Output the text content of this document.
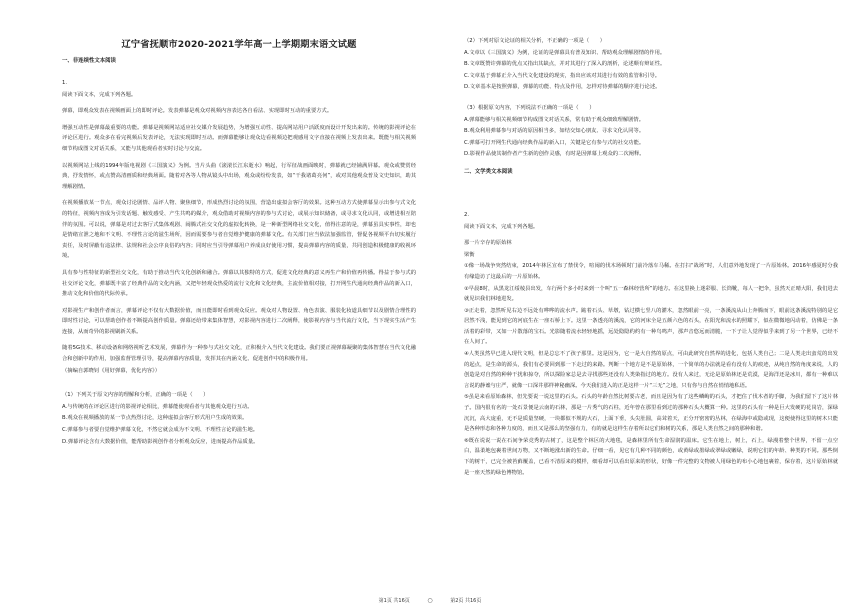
辽宁省抚顺市2020-2021学年高一上学期期末语文试题
一、非连续性文本阅读
1.
阅读下面文本，完成下列各题。

弹幕，即观众发表在视频画面上的即时评论。发表弹幕是观众对视频内容表达各自看法、实现即时互动的重要方式。

增强互动性是弹幕最重要的功能。弹幕是视频网站适应社交媒介发展趋势，为增强互动性、提高网站用户活跃度而设计开发出来的。传统的影视评论在评论区进行。观众多在看完视频后发表评论，无法实现即时互动。而弹幕能够让观众边看视频边把观感用文字直接在视频上发表出来。既能与相关视频细节构成图文对话关系，又能与其他观看者实时讨论与交流。

以视频网站上线的1994年版电视剧《三国演义》为例。当片头曲《滚滚长江东逝水》响起，行军征战画面映时，弹幕就已经铺满屏幕。观众或赞赏经典，抒发情怀，或点赞高清画质和经典场面。随着对各等人物从镜头中出场，观众或纷纷发表，如“干我诸葛亮何”，或对其他观众普及文史知识，助其理解剧情。

在视频播放某一节点，观众讨论剧情、品评人物、聚焦细节，形成热烈讨论的氛围，营造出虚拟会客厅的效果。这种互动方式使弹幕显示出参与式文化的特征，视频内容成为引发话题、触发感受、产生共鸣的媒介，观众借助对视频内容的参与式讨论，或展示知识储备，或寻求文化认同，或增进相互陪伴的氛围。可以说，弹幕是对过去客厅式集体观剧、闹腾式社交文化的虚拟化转换，是一种新型网络社交文化，值得注意的是，弹幕虽具实事性，却也是情绪宣泄之地和不文明、不理性言论的滋生场所，因而需要参与者自觉维护健康的弹幕文化。有关部门应当依法加强监管，督促各视频平台切实履行责任，及时屏蔽有违法律、法规和社会公序良俗的内容；同时应当引导弹幕用户养成良好使用习惯，提高弹幕内容的质量，共同创造积极健康的收视环境。

具有参与性特征的新型社交文化，有助于推动当代文化创新和融合。弹幕以其独特的方式，促进文化经典的意义再生产和价值再传播。得益于参与式的社交评论文化，弹幕既丰富了经典作品的文化内涵，又把年轻观众热爱的流行文化和文化经典，主流价值相对接，打开网生代通向经典作品的新入口，推动文化和价值的代际传承。

对影视生产和创作者而言，弹幕评论不仅有大数据价值，而且能即时看到观众反应。观众对人物设置、角色表演、服装化妆道具细节以及剧情合理性的即时性讨论，可以帮助创作者不断提高创作质量。弹幕还给带来集体智慧，对影视内容进行二次阐释，使影视内容与当代流行文化，当下现实生活产生连接，从而奇异的影视刷新关系。

随着5G技术、移动设备和网络视听艺术发展，弹幕作为一种参与式社交文化，正积极介入当代文化建设。我们要正视弹幕凝聚的集体智慧在当代文化融合和创新中的作用，加强监督管理引导，提高弹幕内容质量，发挥其在内涵文化、促进创作中的积极作用。

（摘编自郭晓钊《用好弹幕，优化内容》）

（1）下列关于原文内容的理解和分析，正确的一项是（　　）

A.与传统的在评论区进行的影视评论相比，弹幕能使观看者与其他观众进行互动。

B.观众在视频播放的某一节点热烈讨论，这种虚拟会客厅形式用户生成的效果。

C.弹幕参与者要自觉维护弹幕文化，不然它就会成为不文明、不理性言论的滋生地。

D.弹幕评论含有大数据价值，能帮助影视创作者分析观众反应，进而提高作品质量。

（2）下列对原文论证的相关分析，不正确的一项是（　　）

A.文章以《三国演义》为例，论证的是弹幕具有普及知识、帮助观众理解剧情的作用。

B.文章既赞许弹幕的优点又指出其缺点，并对其进行了深入的剖析，论述颇有辩证性。

C.文章基于弹幕正介入当代文化建设的现实，指出应该对其进行有效的监管和引导。

D.文章基本是按照弹幕，弹幕的功能、特点及作用，怎样对待弹幕的顺序进行论述。

（3）根据原文内容，下列说法不正确的一项是（　　）

A.弹幕能够与相关视频细节构成图文对话关系，常有助于观众细致理解剧情。

B.观众利用弹幕参与对话的原因相当多，如结交知心朋友、寻求文化认同等。

C.弹幕可打开网生代通向经典作品的新入口，关键是它有参与式的社交功能。

D.影视作品使其制作者产生新的创作灵感，有时是因弹幕上观众的二次阐释。

二、文学类文本阅读
2.
阅读下面文本，完成下列各题。
那一片辛存的原始林
梁衡

①像一场战争突然结束，2014年林区宣布了禁伐令，喧闹的伐木场顿时门前冷落车马稀。在打扫“战场”时，人们意外地发现了一片原始林。2016年感夏时分我有缘造访了这最后的一片原始林。

②早晨8时，从黑龙江绥棱县出发，车行两个多小时来到一个叫“五一森林经营所”的地方。在这里换上迷彩服、长筒靴，每人一把伞，虽然天正晴大阳，我们进去就见识我们林地进发。

③正走着，忽然听见右边不远处有哗哗的流水声。踮着石头、草墩，钻过横七竖八的灌木，忽然眼前一亮，一条溪流从山上奔腾而下，眼前这条溪流特别的是它居然不浅，能见到它的河底生在一座石桥上下。这里一条透亮的溪流，它的河床全是五颜六色的石头，在阳光和流水的照耀下，似在微微地闪动着，仿佛是一条活着的彩带，又如一片散落的宝石。光影随着流水轻轻地摇，远处隐隐约约有一种鸟鸣声，那声音悠远而清脆，一下子让人觉得似乎来到了另一个世界，已经不在人间了。

④人类虽然早已进入现代文明，但是总忘不了孩子那里。这是因为，它一是大自然的原点，可由此研究自然界的进化，包括人类自己；二是人类走出蛮荒的出发的起点，是生命的源头，我们有必要回到那一下走过的来路。判断一个地方是不是原始林，一个简单的办法就是看有没有人的痕迹，从纯自然的角度来说，人的创造是对自然的种种干扰和掠夺，所以探险家总是去寻找那些还没有人类染指过的地方。没有人来过，无论是原始林还是荒漠，是海洋还是冰川，都有一种难以言说的静谧与庄严，就像一口深井那样神秘幽深。今天我们进入的正是这样一片“三无”之地，只有你与自然在悄悄地私语。

⑤虽是来看原始森林，但先要说一说这里的石头。石头的年龄自然比树要古老，而且是因为有了这些嶙峋的石头，才把住了伐木者的手脚，为我们留下了这片林子。国内很有名的一处石景便是云南的石林，那是一片秀气的石柱，近年曾在那里看到过的那种石头大概算一种。这里的石头有一种是巨大发硬的花岗岩，深绿沉沉，高大庞重，无不是质量坚硬，一块都似不规的大石，上面下垂，头尖肚圆，高耸着天，正分开密密的丛林，在绿海中或隐或现，这便使得这里的树木只能是各种形态和各种力度的，而且又是那么的坚强有力，有的就是这样生存着所以它们和树的关系，那是人类自然之间的那种和谐。

⑥既在说说一说在石间争荣竞秀的古树了，这是整个林区的大地毯，是森林里所有生命湿润的温床。它生在地上，树上，石上，绿漫着整个世界，不留一点空白，温柔地包裹着世间万物，又不断地涨出新的生命。仔细一看，见它有几种不同的颜色，或黄绿或墨绿或翠绿或嫩绿，说明它们的年龄、种类的不同。那些倒下的树干，已完全被苔藓覆盖，已看不清原来的模样，细看却可以看出原来的形状，好像一件完整的文物被人用绿色的布小心地包裹着，保存着，这片原始林就是一座天然的绿色博物馆。

第1页 共16页	○	第2页 共16页
